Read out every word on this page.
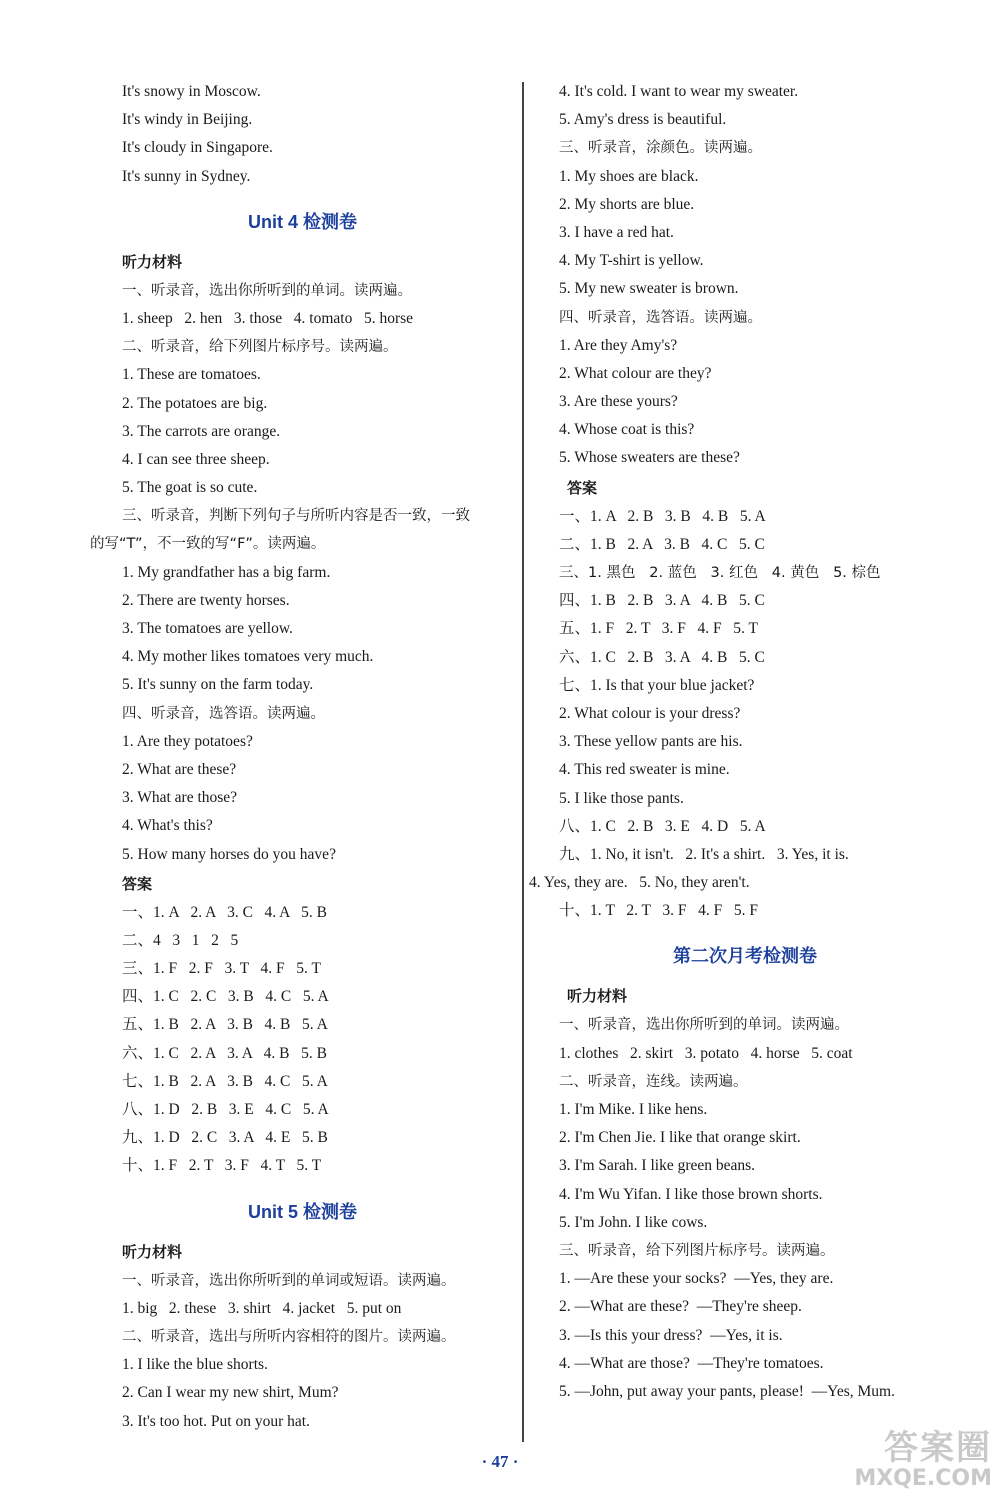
It's snowy in Moscow.
It's windy in Beijing.
It's cloudy in Singapore.
It's sunny in Sydney.
Unit 4 检测卷
听力材料
一、听录音，选出你所听到的单词。读两遍。
1. sheep   2. hen   3. those   4. tomato   5. horse
二、听录音，给下列图片标序号。读两遍。
1. These are tomatoes.
2. The potatoes are big.
3. The carrots are orange.
4. I can see three sheep.
5. The goat is so cute.
三、听录音，判断下列句子与所听内容是否一致，一致
的写“T”，不一致的写“F”。读两遍。
1. My grandfather has a big farm.
2. There are twenty horses.
3. The tomatoes are yellow.
4. My mother likes tomatoes very much.
5. It's sunny on the farm today.
四、听录音，选答语。读两遍。
1. Are they potatoes?
2. What are these?
3. What are those?
4. What's this?
5. How many horses do you have?
答案
一、1. A   2. A   3. C   4. A   5. B
二、4   3   1   2   5
三、1. F   2. F   3. T   4. F   5. T
四、1. C   2. C   3. B   4. C   5. A
五、1. B   2. A   3. B   4. B   5. A
六、1. C   2. A   3. A   4. B   5. B
七、1. B   2. A   3. B   4. C   5. A
八、1. D   2. B   3. E   4. C   5. A
九、1. D   2. C   3. A   4. E   5. B
十、1. F   2. T   3. F   4. T   5. T
Unit 5 检测卷
听力材料
一、听录音，选出你所听到的单词或短语。读两遍。
1. big   2. these   3. shirt   4. jacket   5. put on
二、听录音，选出与所听内容相符的图片。读两遍。
1. I like the blue shorts.
2. Can I wear my new shirt, Mum?
3. It's too hot. Put on your hat.
4. It's cold. I want to wear my sweater.
5. Amy's dress is beautiful.
三、听录音，涂颜色。读两遍。
1. My shoes are black.
2. My shorts are blue.
3. I have a red hat.
4. My T-shirt is yellow.
5. My new sweater is brown.
四、听录音，选答语。读两遍。
1. Are they Amy's?
2. What colour are they?
3. Are these yours?
4. Whose coat is this?
5. Whose sweaters are these?
答案
一、1. A   2. B   3. B   4. B   5. A
二、1. B   2. A   3. B   4. C   5. C
三、1. 黑色   2. 蓝色   3. 红色   4. 黄色   5. 棕色
四、1. B   2. B   3. A   4. B   5. C
五、1. F   2. T   3. F   4. F   5. T
六、1. C   2. B   3. A   4. B   5. C
七、1. Is that your blue jacket?
2. What colour is your dress?
3. These yellow pants are his.
4. This red sweater is mine.
5. I like those pants.
八、1. C   2. B   3. E   4. D   5. A
九、1. No, it isn't.   2. It's a shirt.   3. Yes, it is.
4. Yes, they are.   5. No, they aren't.
十、1. T   2. T   3. F   4. F   5. F
第二次月考检测卷
听力材料
一、听录音，选出你所听到的单词。读两遍。
1. clothes   2. skirt   3. potato   4. horse   5. coat
二、听录音，连线。读两遍。
1. I'm Mike. I like hens.
2. I'm Chen Jie. I like that orange skirt.
3. I'm Sarah. I like green beans.
4. I'm Wu Yifan. I like those brown shorts.
5. I'm John. I like cows.
三、听录音，给下列图片标序号。读两遍。
1. —Are these your socks?  —Yes, they are.
2. —What are these?  —They're sheep.
3. —Is this your dress?  —Yes, it is.
4. —What are those?  —They're tomatoes.
5. —John, put away your pants, please!  —Yes, Mum.
· 47 ·	答案圈
MXQE.COM
